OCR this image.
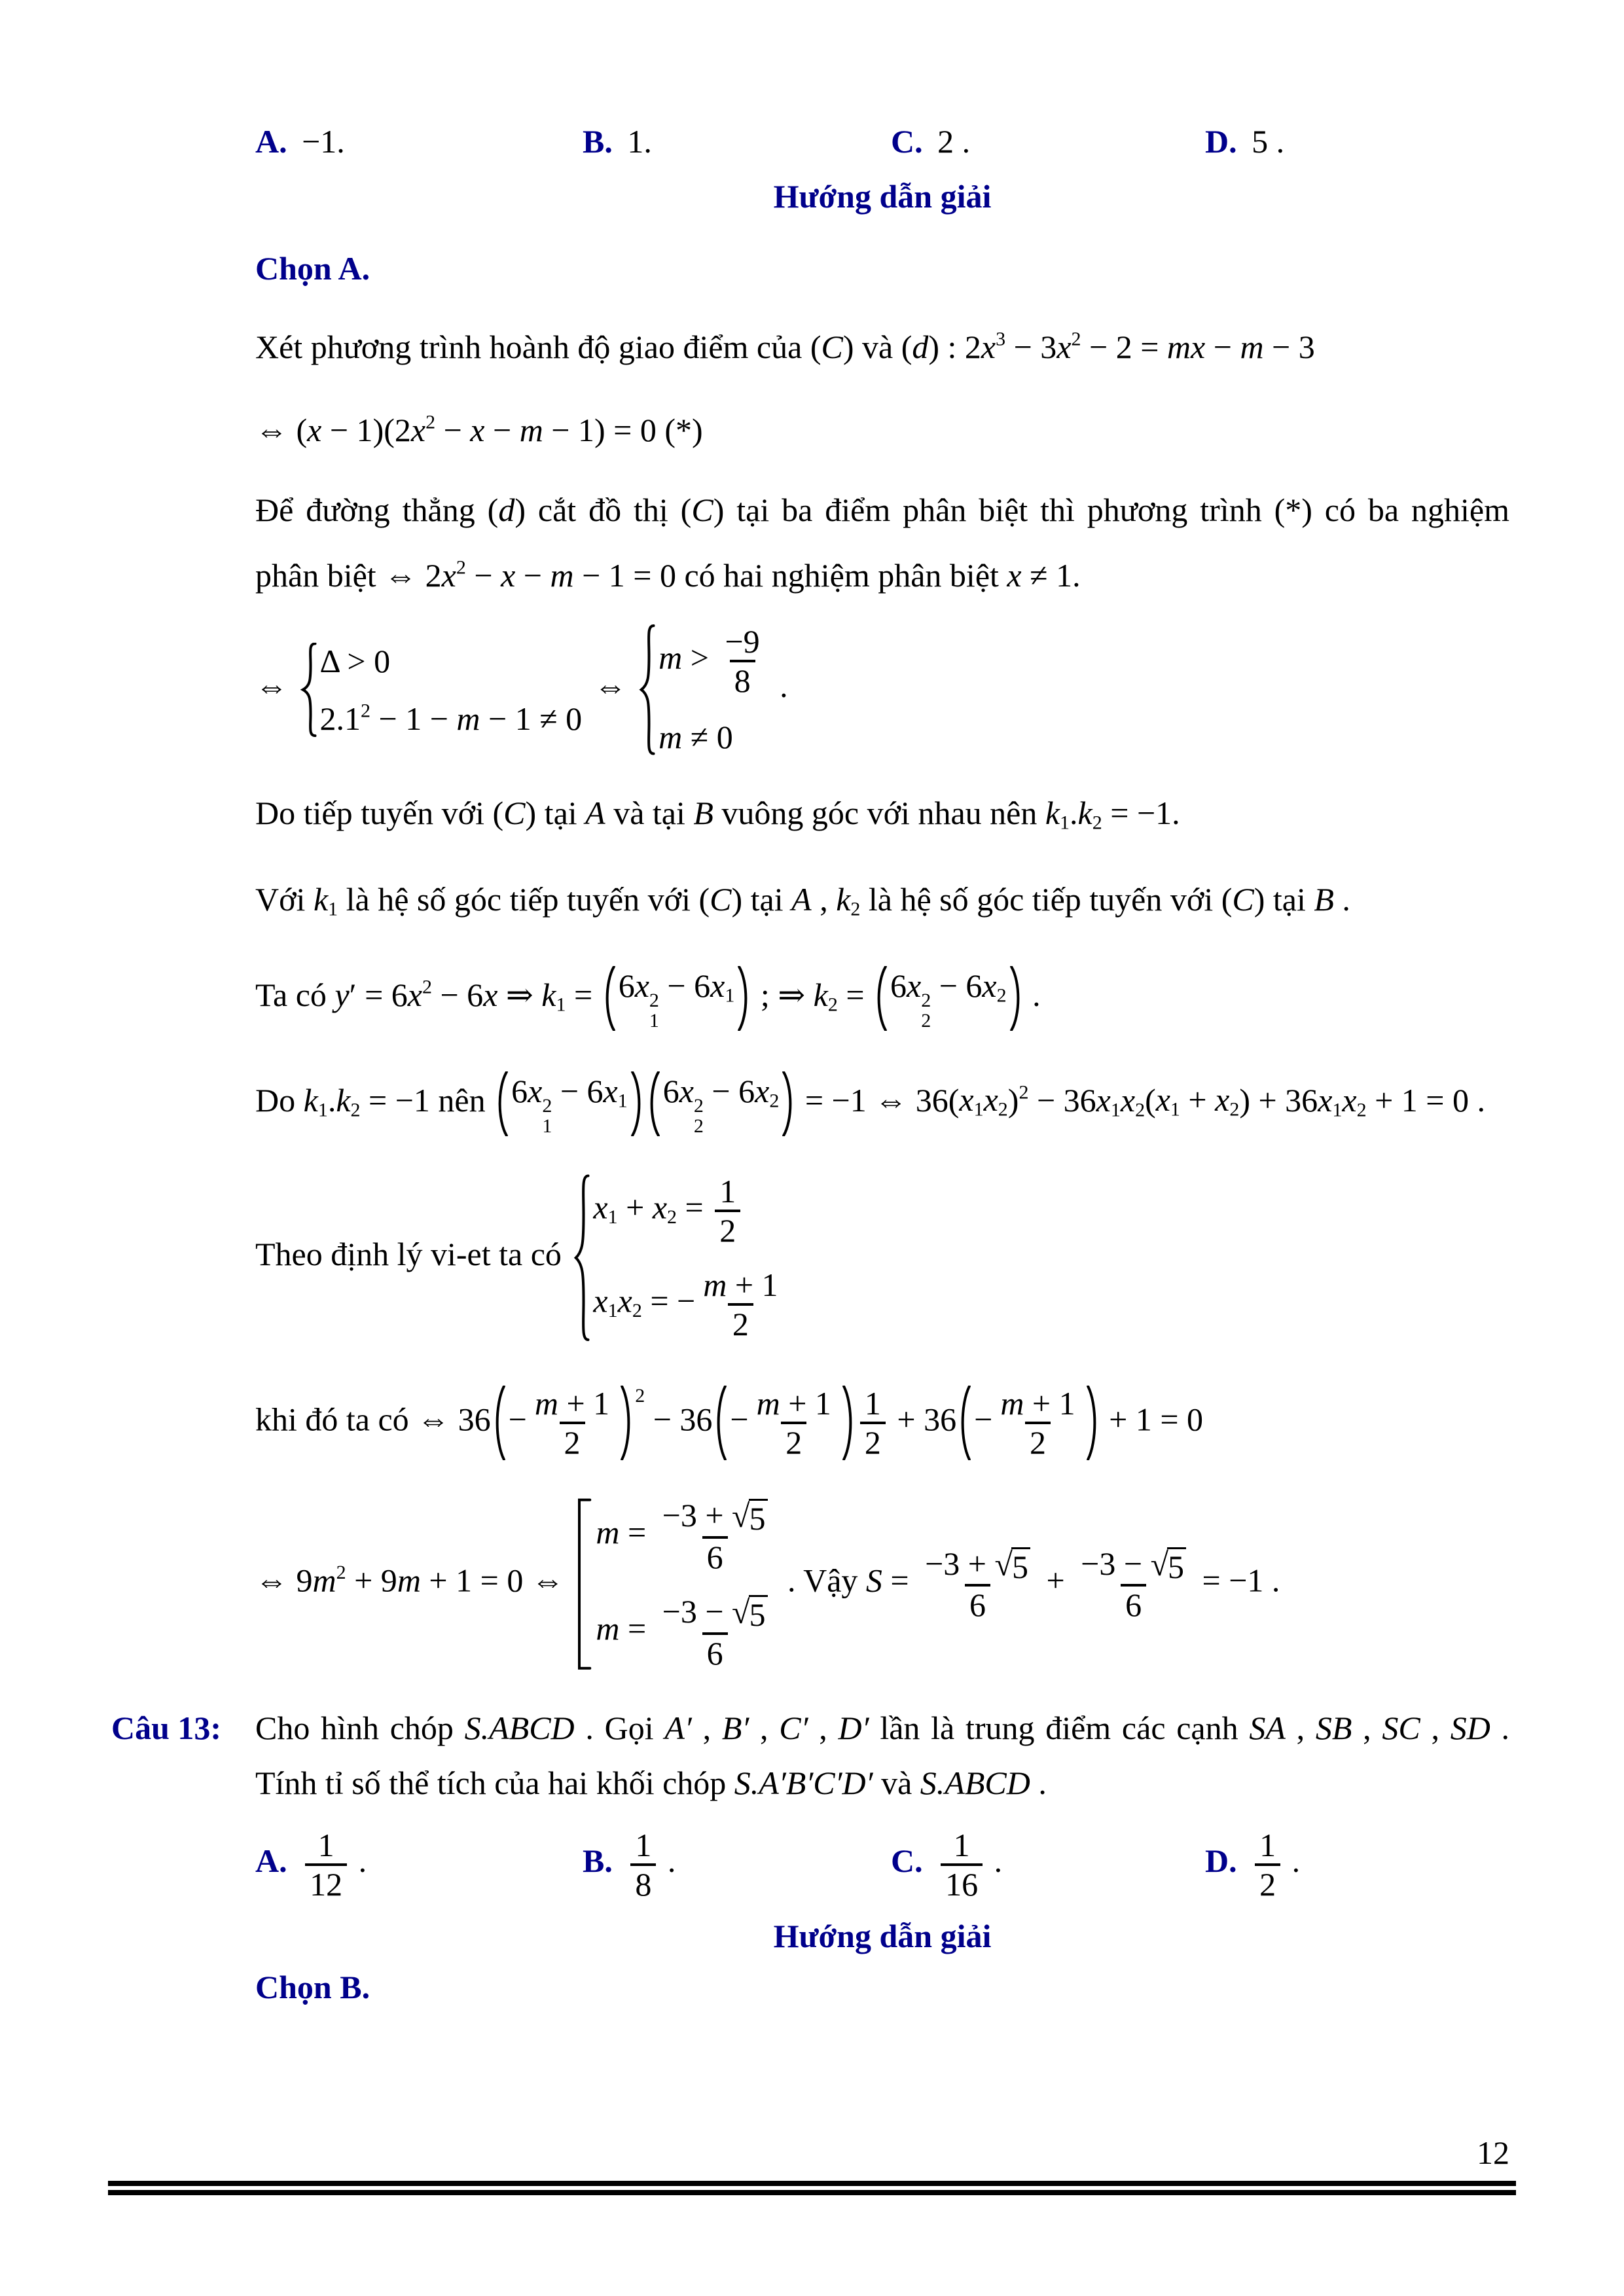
A. −1.	B. 1.	C. 2 .	D. 5 .
Hướng dẫn giải
Chọn A.
Xét phương trình hoành độ giao điểm của (C) và (d) : $2x^3 - 3x^2 - 2$ = mx − m − 3
⇔ $(x - 1)(2x^2 - x - m - 1) = 0$ (*)
Để đường thẳng (d) cắt đồ thị (C) tại ba điểm phân biệt thì phương trình (*) có ba nghiệm
phân biệt ⇔ $2x^2 - x - m - 1 = 0$ có hai nghiệm phân biệt x ≠ 1.
⇔
Δ > 0
$2.1^2 - 1 - m - 1 \ne 0$
⇔
$m > \frac{-9}{8}$
m ≠ 0
.
Do tiếp tuyến với (C) tại A và tại B vuông góc với nhau nên $k_1.k_2 = -1$.
Với $k_1$ là hệ số góc tiếp tuyến với (C) tại A , $k_2$ là hệ số góc tiếp tuyến với (C) tại B .
Ta có $y' = 6x^2 - 6x$ ⇒ $k_1 = 6x$ 2
1
− $6x_1$ ; ⇒ $k_2 = 6x$ 2
2
− $6x_2$ .
Do $k_1.k_2 = -1$ nên 6x 2
1
− $6x_1$ 6x 2
2
− $6x_2 = -1$ ⇔ $36(x_1x_2)^2 - 36x_1x_2(x_1 + x_2) + 36x_1x_2 + 1 = 0$ .
Theo định lý vi-et ta có
$x_1 + x_2 = \frac{1}{2}$
$x_1x_2$ = − $\frac{m + 1}{2}$
khi đó ta có ⇔ $36 - \frac{m + 1}{2} ^2 - 36 - \frac{m + 1}{2} \frac{1}{2} + 36 - \frac{m + 1}{2} + 1 = 0$
⇔ $9m^2 + 9m + 1 = 0$ ⇔
$m = \frac{-3 + √ 5}{6}$
$m = \frac{-3 - √ 5}{6}$
. Vậy $S = \frac{-3 + √ 5}{6} + \frac{-3 - √ 5}{6} = -1$ .
Câu 13: Cho hình chóp S.ABCD . Gọi A′ , B′ , C′ , D′ lần là trung điểm các cạnh SA , SB , SC , SD .
Tính tỉ số thể tích của hai khối chóp S.A′B′C′D′ và S.ABCD .
A. $\frac{1}{12}$ .	B. $\frac{1}{8}$ .	C. $\frac{1}{16}$ .	D. $\frac{1}{2}$ .
Hướng dẫn giải
Chọn B.
12
